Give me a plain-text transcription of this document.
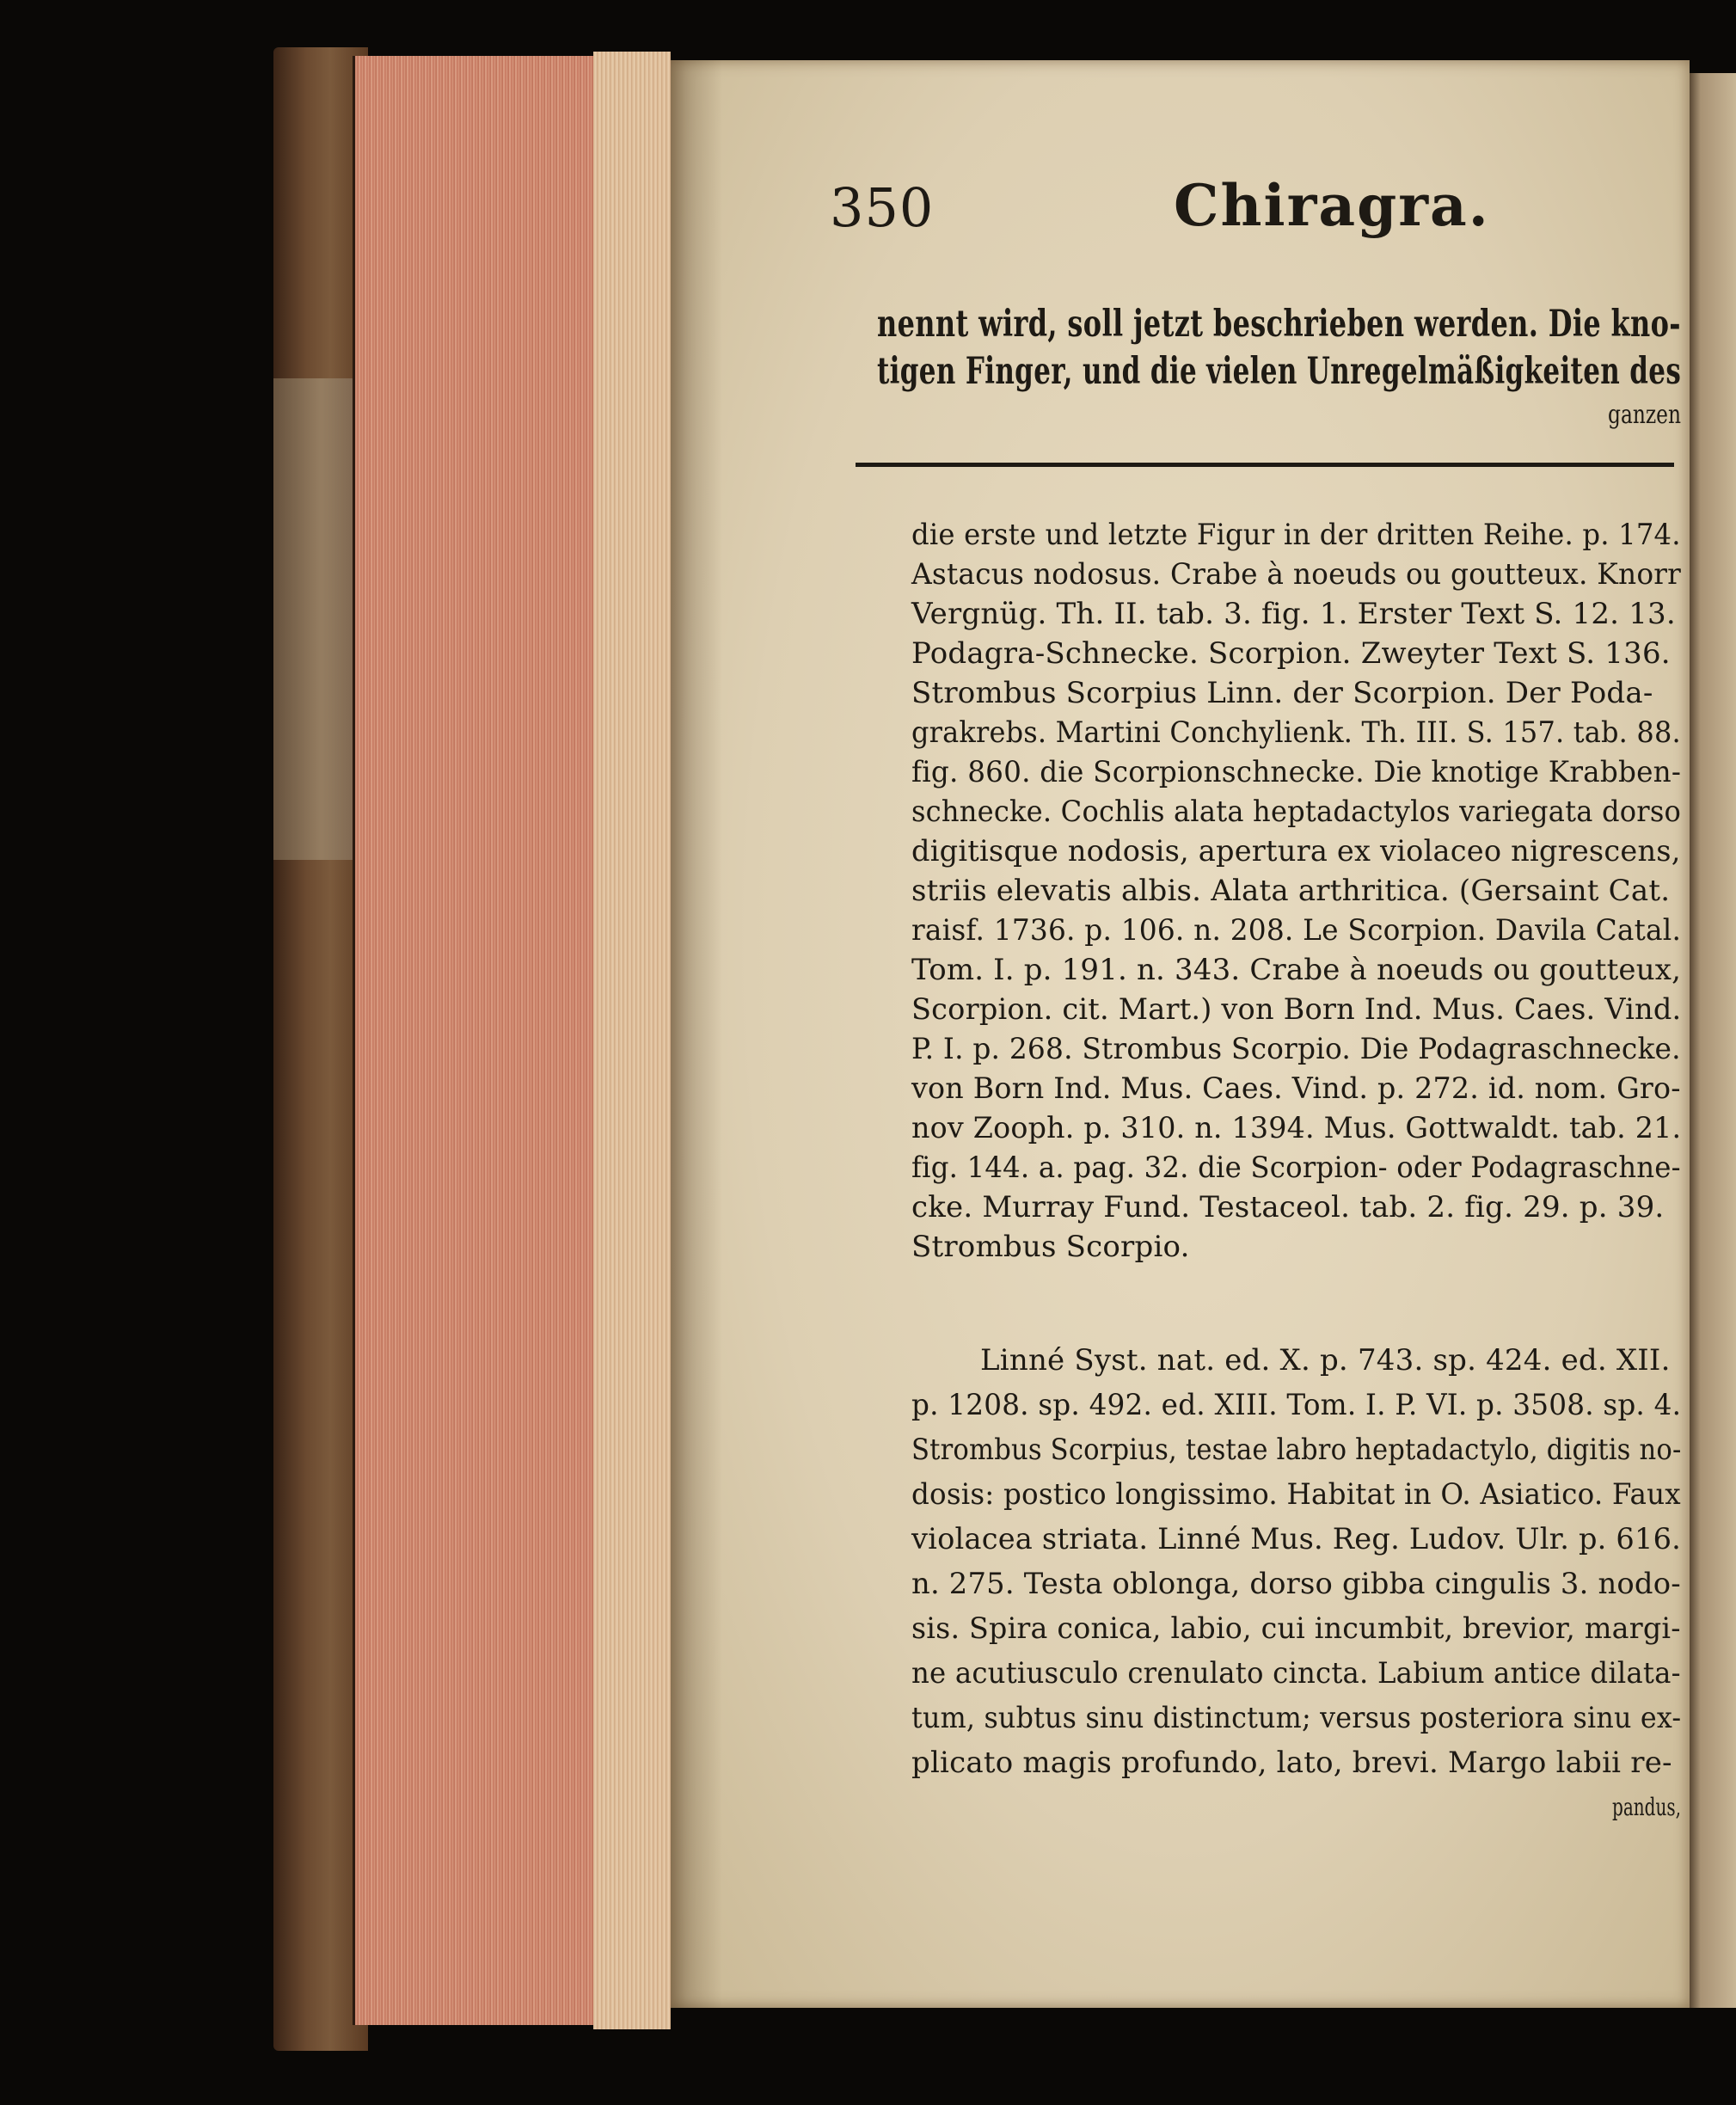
350	Chiragra.
nennt wird, soll jetzt beschrieben werden. Die kno-
tigen Finger, und die vielen Unregelmäßigkeiten des
ganzen
die erste und letzte Figur in der dritten Reihe. p. 174.
Astacus nodosus. Crabe à noeuds ou goutteux. Knorr
Vergnüg. Th. II. tab. 3. fig. 1. Erster Text S. 12. 13.
Podagra-Schnecke. Scorpion. Zweyter Text S. 136.
Strombus Scorpius Linn. der Scorpion. Der Poda-
grakrebs. Martini Conchylienk. Th. III. S. 157. tab. 88.
fig. 860. die Scorpionschnecke. Die knotige Krabben-
schnecke. Cochlis alata heptadactylos variegata dorso
digitisque nodosis, apertura ex violaceo nigrescens,
striis elevatis albis. Alata arthritica. (Gersaint Cat.
raisf. 1736. p. 106. n. 208. Le Scorpion. Davila Catal.
Tom. I. p. 191. n. 343. Crabe à noeuds ou goutteux,
Scorpion. cit. Mart.) von Born Ind. Mus. Caes. Vind.
P. I. p. 268. Strombus Scorpio. Die Podagraschnecke.
von Born Ind. Mus. Caes. Vind. p. 272. id. nom. Gro-
nov Zooph. p. 310. n. 1394. Mus. Gottwaldt. tab. 21.
fig. 144. a. pag. 32. die Scorpion- oder Podagraschne-
cke. Murray Fund. Testaceol. tab. 2. fig. 29. p. 39.
Strombus Scorpio.
Linné Syst. nat. ed. X. p. 743. sp. 424. ed. XII.
p. 1208. sp. 492. ed. XIII. Tom. I. P. VI. p. 3508. sp. 4.
Strombus Scorpius, testae labro heptadactylo, digitis no-
dosis: postico longissimo. Habitat in O. Asiatico. Faux
violacea striata. Linné Mus. Reg. Ludov. Ulr. p. 616.
n. 275. Testa oblonga, dorso gibba cingulis 3. nodo-
sis. Spira conica, labio, cui incumbit, brevior, margi-
ne acutiusculo crenulato cincta. Labium antice dilata-
tum, subtus sinu distinctum; versus posteriora sinu ex-
plicato magis profundo, lato, brevi. Margo labii re-
pandus,
